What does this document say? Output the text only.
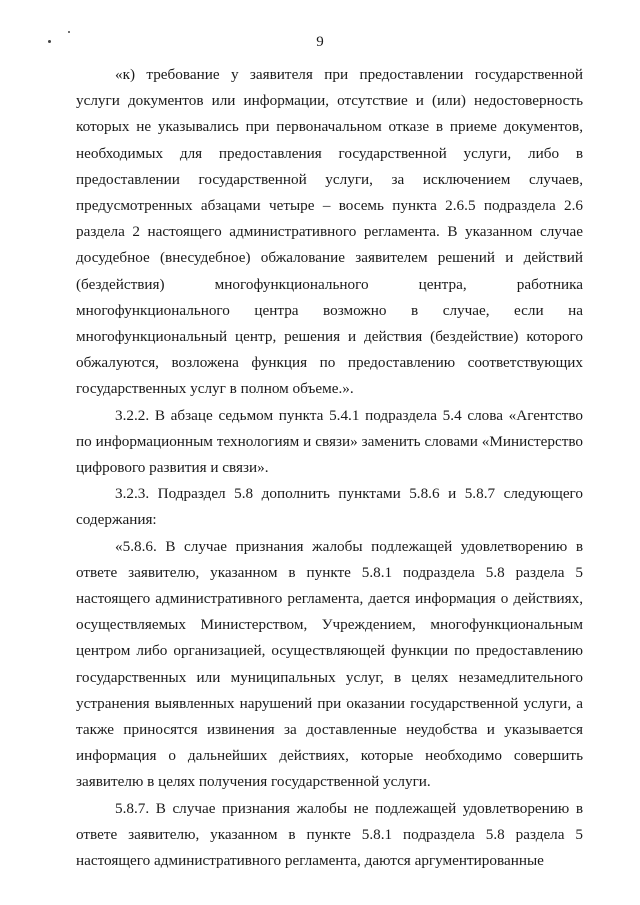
9

«к) требование у заявителя при предоставлении государственной услуги документов или информации, отсутствие и (или) недостоверность которых не указывались при первоначальном отказе в приеме документов, необходимых для предоставления государственной услуги, либо в предоставлении государственной услуги, за исключением случаев, предусмотренных абзацами четыре – восемь пункта 2.6.5 подраздела 2.6 раздела 2 настоящего административного регламента. В указанном случае досудебное (внесудебное) обжалование заявителем решений и действий (бездействия) многофункционального центра, работника многофункционального центра возможно в случае, если на многофункциональный центр, решения и действия (бездействие) которого обжалуются, возложена функция по предоставлению соответствующих государственных услуг в полном объеме.».

3.2.2. В абзаце седьмом пункта 5.4.1 подраздела 5.4 слова «Агентство по информационным технологиям и связи» заменить словами «Министерство цифрового развития и связи».

3.2.3. Подраздел 5.8 дополнить пунктами 5.8.6 и 5.8.7 следующего содержания:

«5.8.6. В случае признания жалобы подлежащей удовлетворению в ответе заявителю, указанном в пункте 5.8.1 подраздела 5.8 раздела 5 настоящего административного регламента, дается информация о действиях, осуществляемых Министерством, Учреждением, многофункциональным центром либо организацией, осуществляющей функции по предоставлению государственных или муниципальных услуг, в целях незамедлительного устранения выявленных нарушений при оказании государственной услуги, а также приносятся извинения за доставленные неудобства и указывается информация о дальнейших действиях, которые необходимо совершить заявителю в целях получения государственной услуги.

5.8.7. В случае признания жалобы не подлежащей удовлетворению в ответе заявителю, указанном в пункте 5.8.1 подраздела 5.8 раздела 5 настоящего административного регламента, даются аргументированные
